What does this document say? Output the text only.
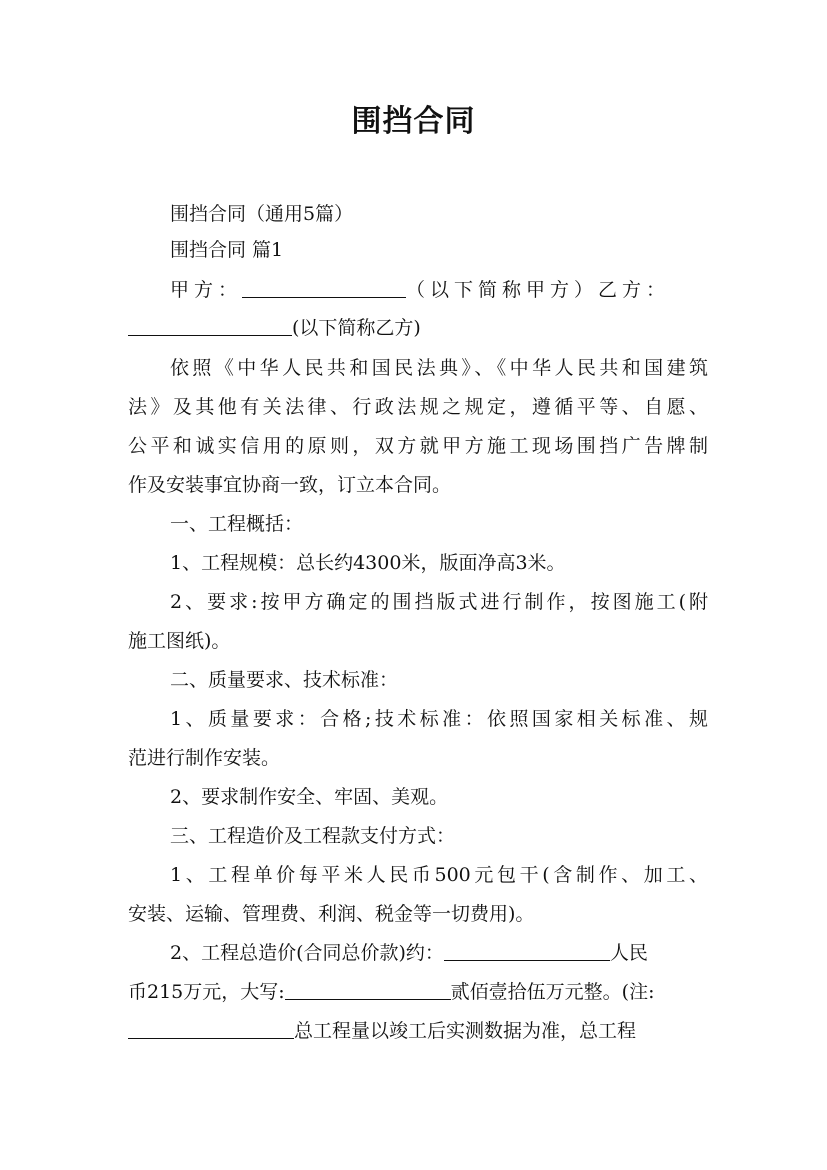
围挡合同
围挡合同（通用5篇）
围挡合同 篇1
甲方：	（以下简称甲方）乙方：
(以下简称乙方)
依照《中华人民共和国民法典》、《中华人民共和国建筑
法》及其他有关法律、行政法规之规定，遵循平等、自愿、
公平和诚实信用的原则，双方就甲方施工现场围挡广告牌制
作及安装事宜协商一致，订立本合同。
一、工程概括：
1、工程规模：总长约4300米，版面净高3米。
2、要求:按甲方确定的围挡版式进行制作，按图施工(附
施工图纸)。
二、质量要求、技术标准：
1、质量要求：合格;技术标准：依照国家相关标准、规
范进行制作安装。
2、要求制作安全、牢固、美观。
三、工程造价及工程款支付方式：
1、工程单价每平米人民币500元包干(含制作、加工、
安装、运输、管理费、利润、税金等一切费用)。
2、工程总造价(合同总价款)约：	人民
币215万元，大写:	贰佰壹拾伍万元整。(注:
总工程量以竣工后实测数据为准，总工程
